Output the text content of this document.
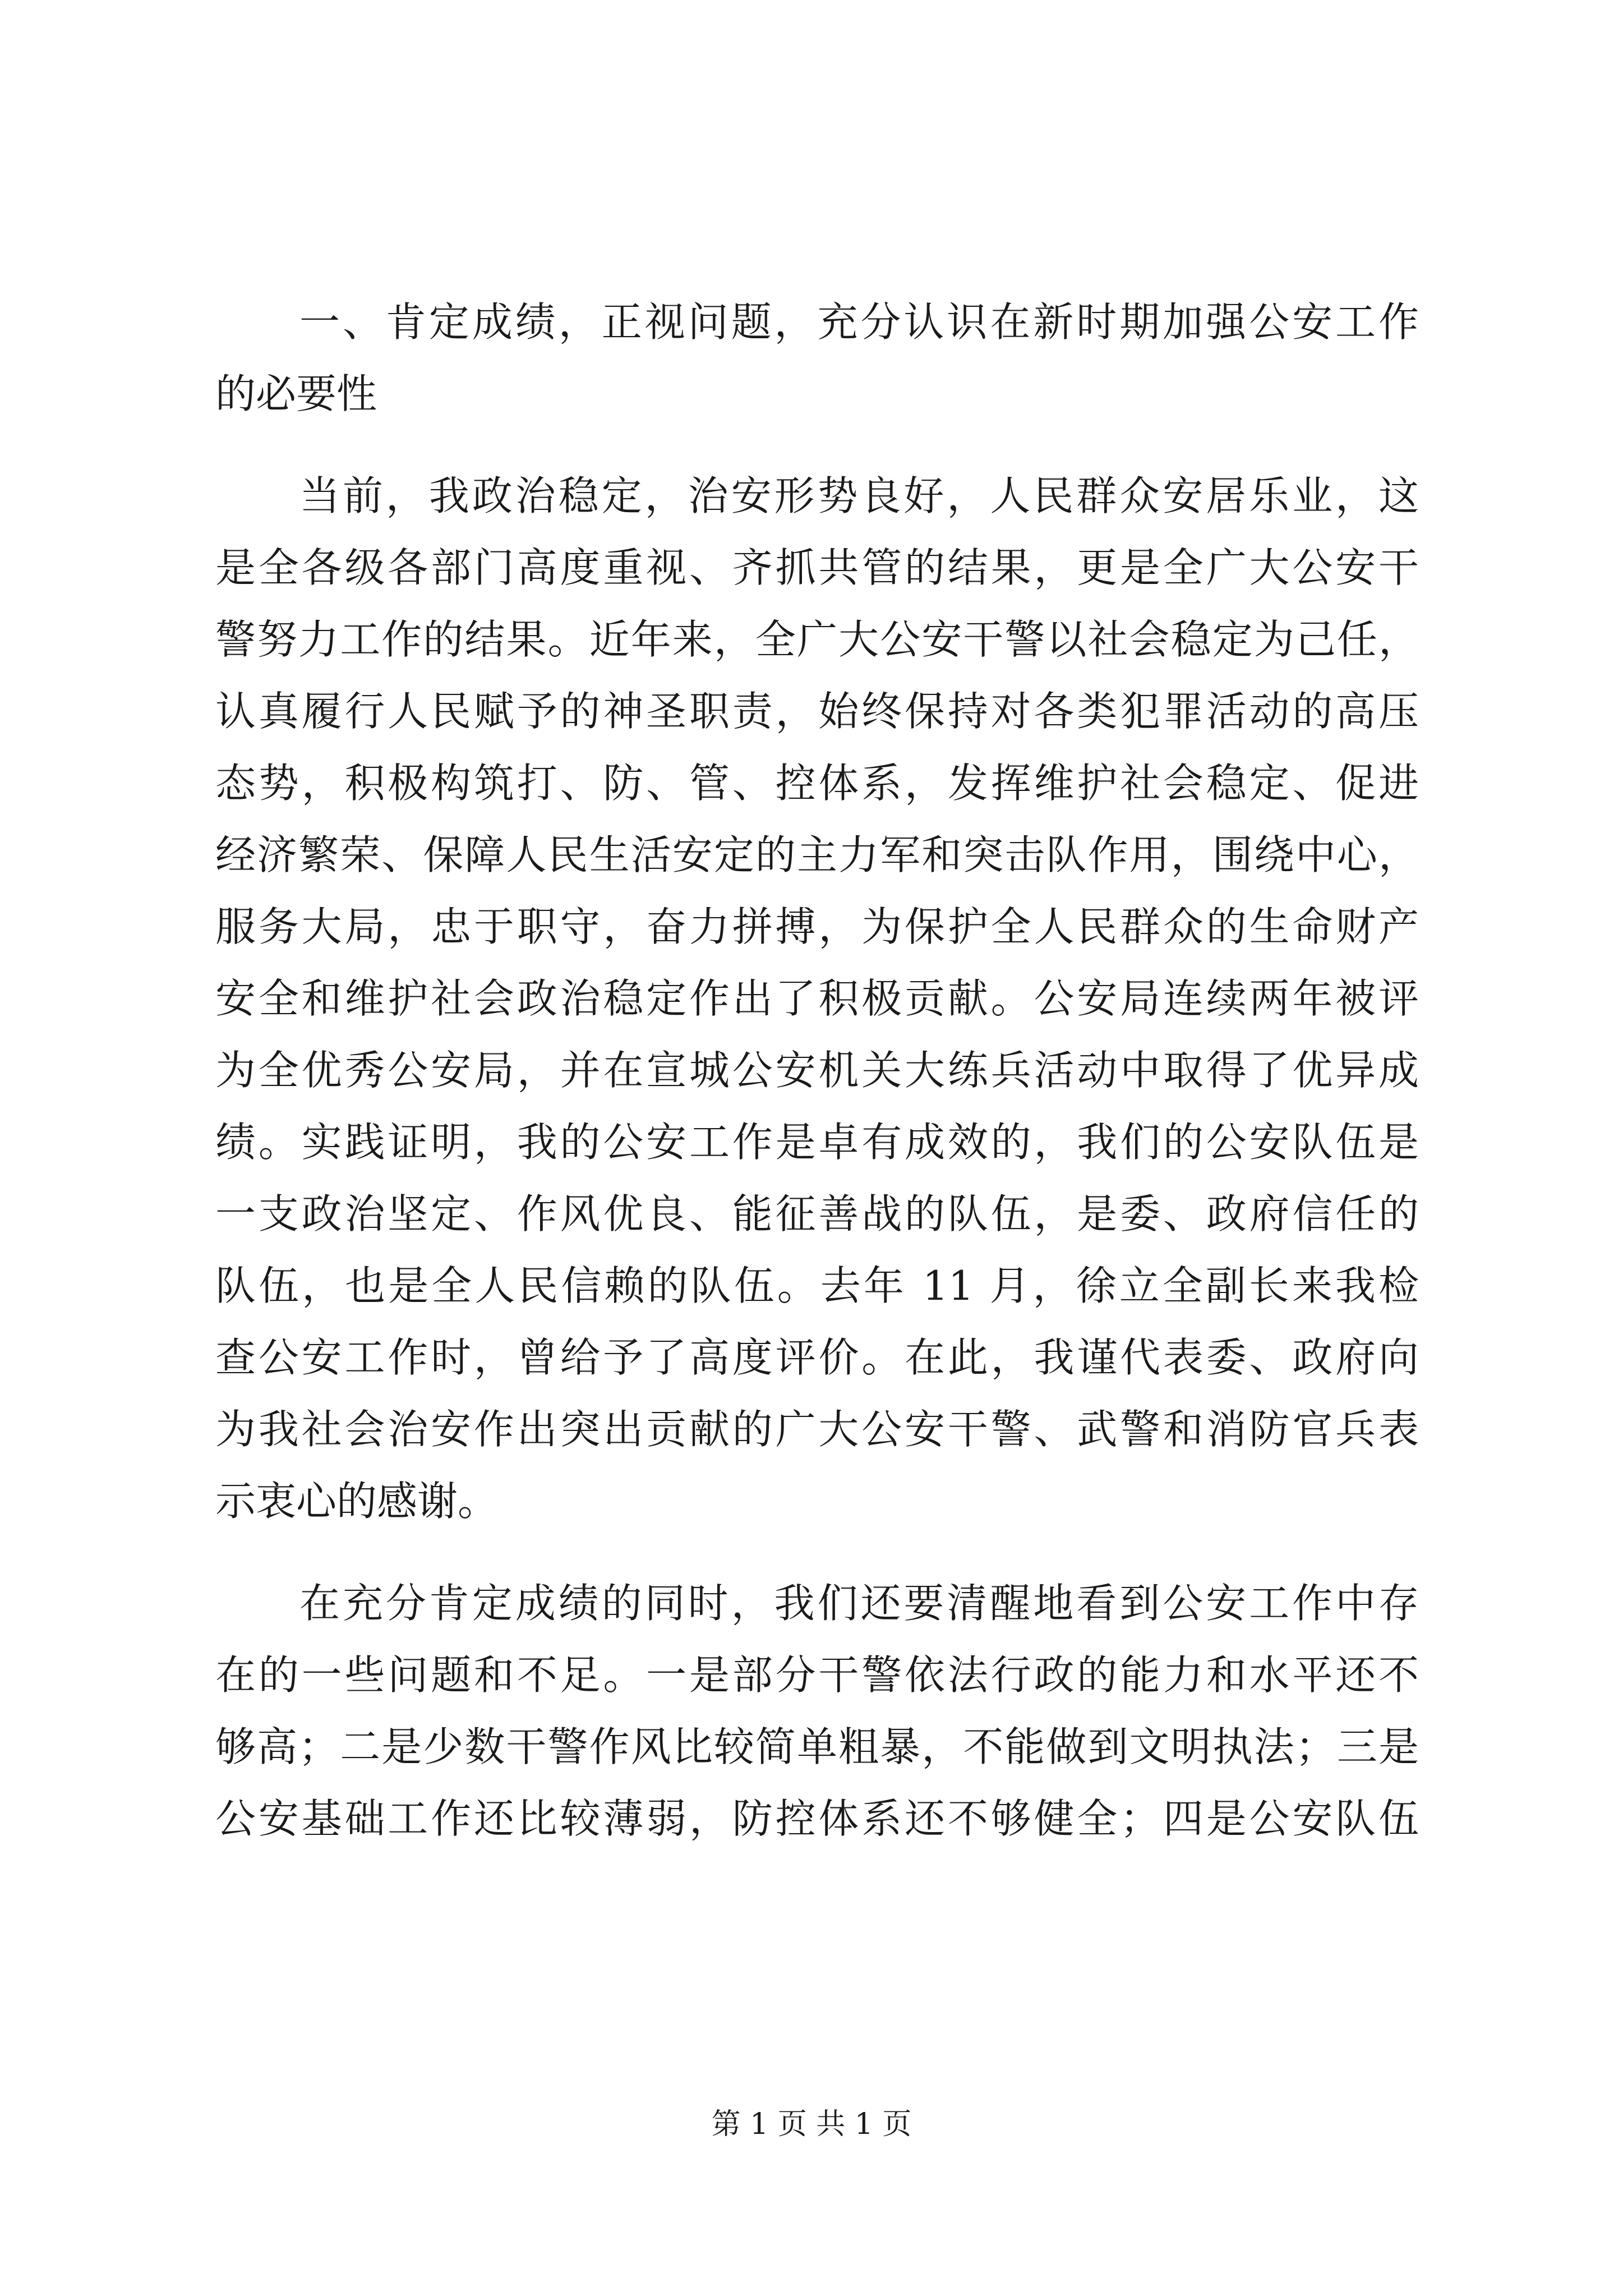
一、肯定成绩，正视问题，充分认识在新时期加强公安工作
的必要性
当前，我政治稳定，治安形势良好，人民群众安居乐业，这
是全各级各部门高度重视、齐抓共管的结果，更是全广大公安干
警努力工作的结果。近年来，全广大公安干警以社会稳定为己任，
认真履行人民赋予的神圣职责，始终保持对各类犯罪活动的高压
态势，积极构筑打、防、管、控体系，发挥维护社会稳定、促进
经济繁荣、保障人民生活安定的主力军和突击队作用，围绕中心，
服务大局，忠于职守，奋力拼搏，为保护全人民群众的生命财产
安全和维护社会政治稳定作出了积极贡献。公安局连续两年被评
为全优秀公安局，并在宣城公安机关大练兵活动中取得了优异成
绩。实践证明，我的公安工作是卓有成效的，我们的公安队伍是
一支政治坚定、作风优良、能征善战的队伍，是委、政府信任的
队伍，也是全人民信赖的队伍。去年 11 月，徐立全副长来我检
查公安工作时，曾给予了高度评价。在此，我谨代表委、政府向
为我社会治安作出突出贡献的广大公安干警、武警和消防官兵表
示衷心的感谢。
在充分肯定成绩的同时，我们还要清醒地看到公安工作中存
在的一些问题和不足。一是部分干警依法行政的能力和水平还不
够高；二是少数干警作风比较简单粗暴，不能做到文明执法；三是
公安基础工作还比较薄弱，防控体系还不够健全；四是公安队伍
第 1 页 共 1 页
